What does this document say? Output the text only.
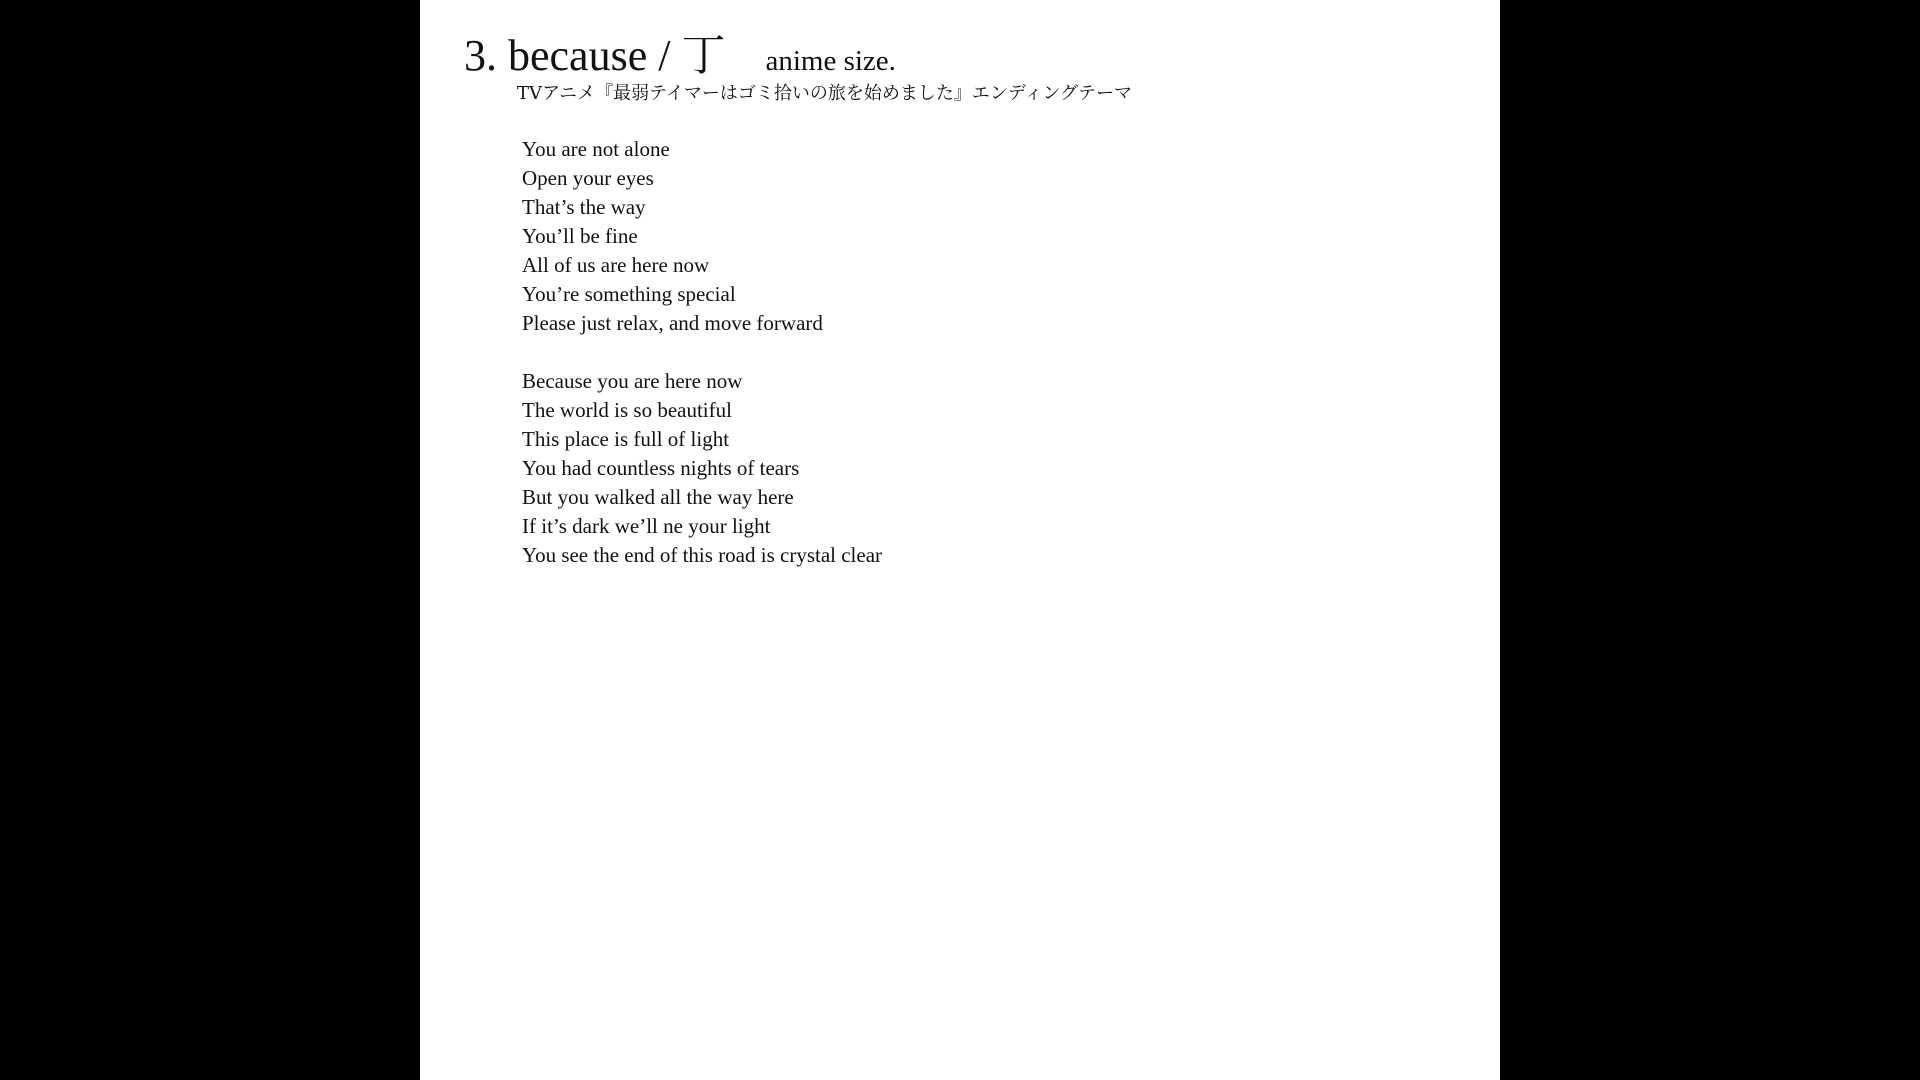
3. because / 丁 anime size.
TVアニメ『最弱テイマーはゴミ拾いの旅を始めました』エンディングテーマ
You are not alone
Open your eyes
That’s the way
You’ll be fine
All of us are here now
You’re something special
Please just relax, and move forward
Because you are here now
The world is so beautiful
This place is full of light
You had countless nights of tears
But you walked all the way here
If it’s dark we’ll ne your light
You see the end of this road is crystal clear
